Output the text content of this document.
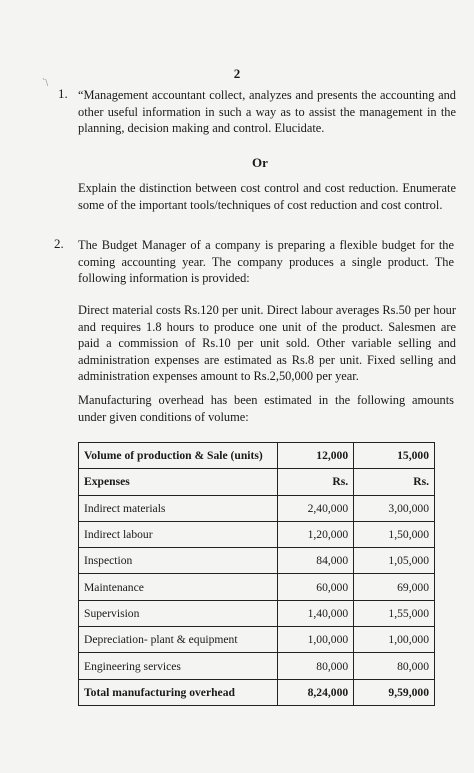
2
`\
1. “Management accountant collect, analyzes and presents the accounting and other useful information in such a way as to assist the management in the planning, decision making and control. Elucidate.
Or
Explain the distinction between cost control and cost reduction. Enumerate some of the important tools/techniques of cost reduction and cost control.
2. The Budget Manager of a company is preparing a flexible budget for the coming accounting year. The company produces a single product. The following information is provided:
Direct material costs Rs.120 per unit. Direct labour averages Rs.50 per hour and requires 1.8 hours to produce one unit of the product. Salesmen are paid a commission of Rs.10 per unit sold. Other variable selling and administration expenses are estimated as Rs.8 per unit. Fixed selling and administration expenses amount to Rs.2,50,000 per year.
Manufacturing overhead has been estimated in the following amounts under given conditions of volume:
Volume of production & Sale (units)	12,000	15,000
Expenses	Rs.	Rs.
Indirect materials	2,40,000	3,00,000
Indirect labour	1,20,000	1,50,000
Inspection	84,000	1,05,000
Maintenance	60,000	69,000
Supervision	1,40,000	1,55,000
Depreciation- plant & equipment	1,00,000	1,00,000
Engineering services	80,000	80,000
Total manufacturing overhead	8,24,000	9,59,000
